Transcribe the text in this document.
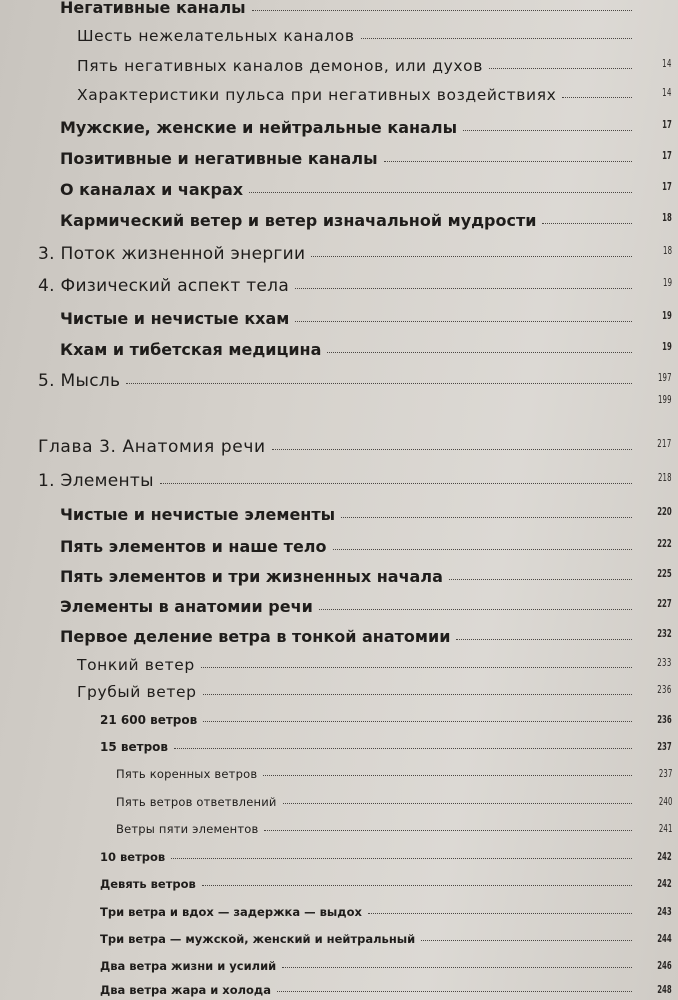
Негативные каналы
Шесть нежелательных каналов
Пять негативных каналов демонов, или духов	14
Характеристики пульса при негативных воздействиях	14
Мужские, женские и нейтральные каналы	17
Позитивные и негативные каналы	17
О каналах и чакрах	17
Кармический ветер и ветер изначальной мудрости	18
3. Поток жизненной энергии	18
4. Физический аспект тела	19
Чистые и нечистые кхам	19
Кхам и тибетская медицина	19
5. Мысль	197
199
Глава 3. Анатомия речи	217
1. Элементы	218
Чистые и нечистые элементы	220
Пять элементов и наше тело	222
Пять элементов и три жизненных начала	225
Элементы в анатомии речи	227
Первое деление ветра в тонкой анатомии	232
Тонкий ветер	233
Грубый ветер	236
21 600 ветров	236
15 ветров	237
Пять коренных ветров	237
Пять ветров ответвлений	240
Ветры пяти элементов	241
10 ветров	242
Девять ветров	242
Три ветра и вдох — задержка — выдох	243
Три ветра — мужской, женский и нейтральный	244
Два ветра жизни и усилий	246
Два ветра жара и холода	248
